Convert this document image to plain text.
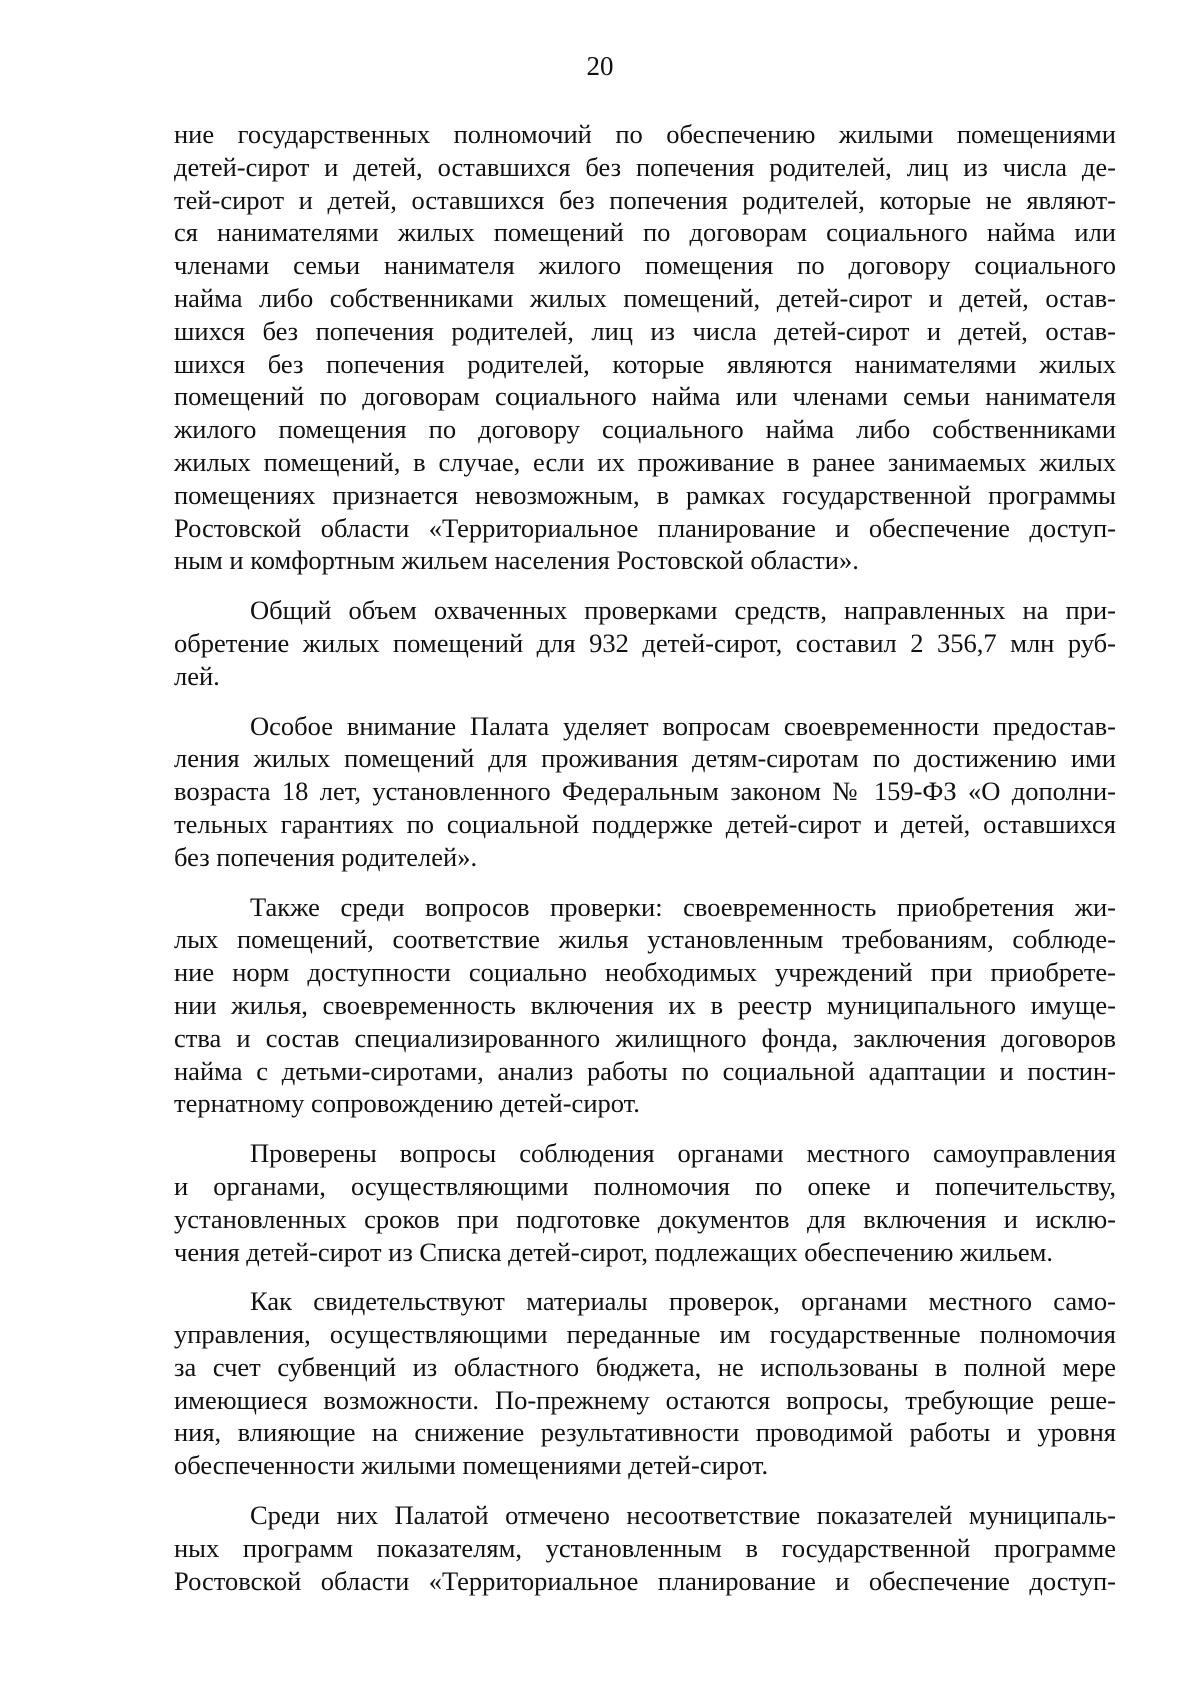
20

ние государственных полномочий по обеспечению жилыми помещениями
детей-сирот и детей, оставшихся без попечения родителей, лиц из числа де-
тей-сирот и детей, оставшихся без попечения родителей, которые не являют-
ся нанимателями жилых помещений по договорам социального найма или
членами семьи нанимателя жилого помещения по договору социального
найма либо собственниками жилых помещений, детей-сирот и детей, остав-
шихся без попечения родителей, лиц из числа детей-сирот и детей, остав-
шихся без попечения родителей, которые являются нанимателями жилых
помещений по договорам социального найма или членами семьи нанимателя
жилого помещения по договору социального найма либо собственниками
жилых помещений, в случае, если их проживание в ранее занимаемых жилых
помещениях признается невозможным, в рамках государственной программы
Ростовской области «Территориальное планирование и обеспечение доступ-
ным и комфортным жильем населения Ростовской области».

Общий объем охваченных проверками средств, направленных на при-
обретение жилых помещений для 932 детей-сирот, составил 2 356,7 млн руб-
лей.

Особое внимание Палата уделяет вопросам своевременности предостав-
ления жилых помещений для проживания детям-сиротам по достижению ими
возраста 18 лет, установленного Федеральным законом № 159-ФЗ «О дополни-
тельных гарантиях по социальной поддержке детей-сирот и детей, оставшихся
без попечения родителей».

Также среди вопросов проверки: своевременность приобретения жи-
лых помещений, соответствие жилья установленным требованиям, соблюде-
ние норм доступности социально необходимых учреждений при приобрете-
нии жилья, своевременность включения их в реестр муниципального имуще-
ства и состав специализированного жилищного фонда, заключения договоров
найма с детьми-сиротами, анализ работы по социальной адаптации и постин-
тернатному сопровождению детей-сирот.

Проверены вопросы соблюдения органами местного самоуправления
и органами, осуществляющими полномочия по опеке и попечительству,
установленных сроков при подготовке документов для включения и исклю-
чения детей-сирот из Списка детей-сирот, подлежащих обеспечению жильем.

Как свидетельствуют материалы проверок, органами местного само-
управления, осуществляющими переданные им государственные полномочия
за счет субвенций из областного бюджета, не использованы в полной мере
имеющиеся возможности. По-прежнему остаются вопросы, требующие реше-
ния, влияющие на снижение результативности проводимой работы и уровня
обеспеченности жилыми помещениями детей-сирот.

Среди них Палатой отмечено несоответствие показателей муниципаль-
ных программ показателям, установленным в государственной программе
Ростовской области «Территориальное планирование и обеспечение доступ-
